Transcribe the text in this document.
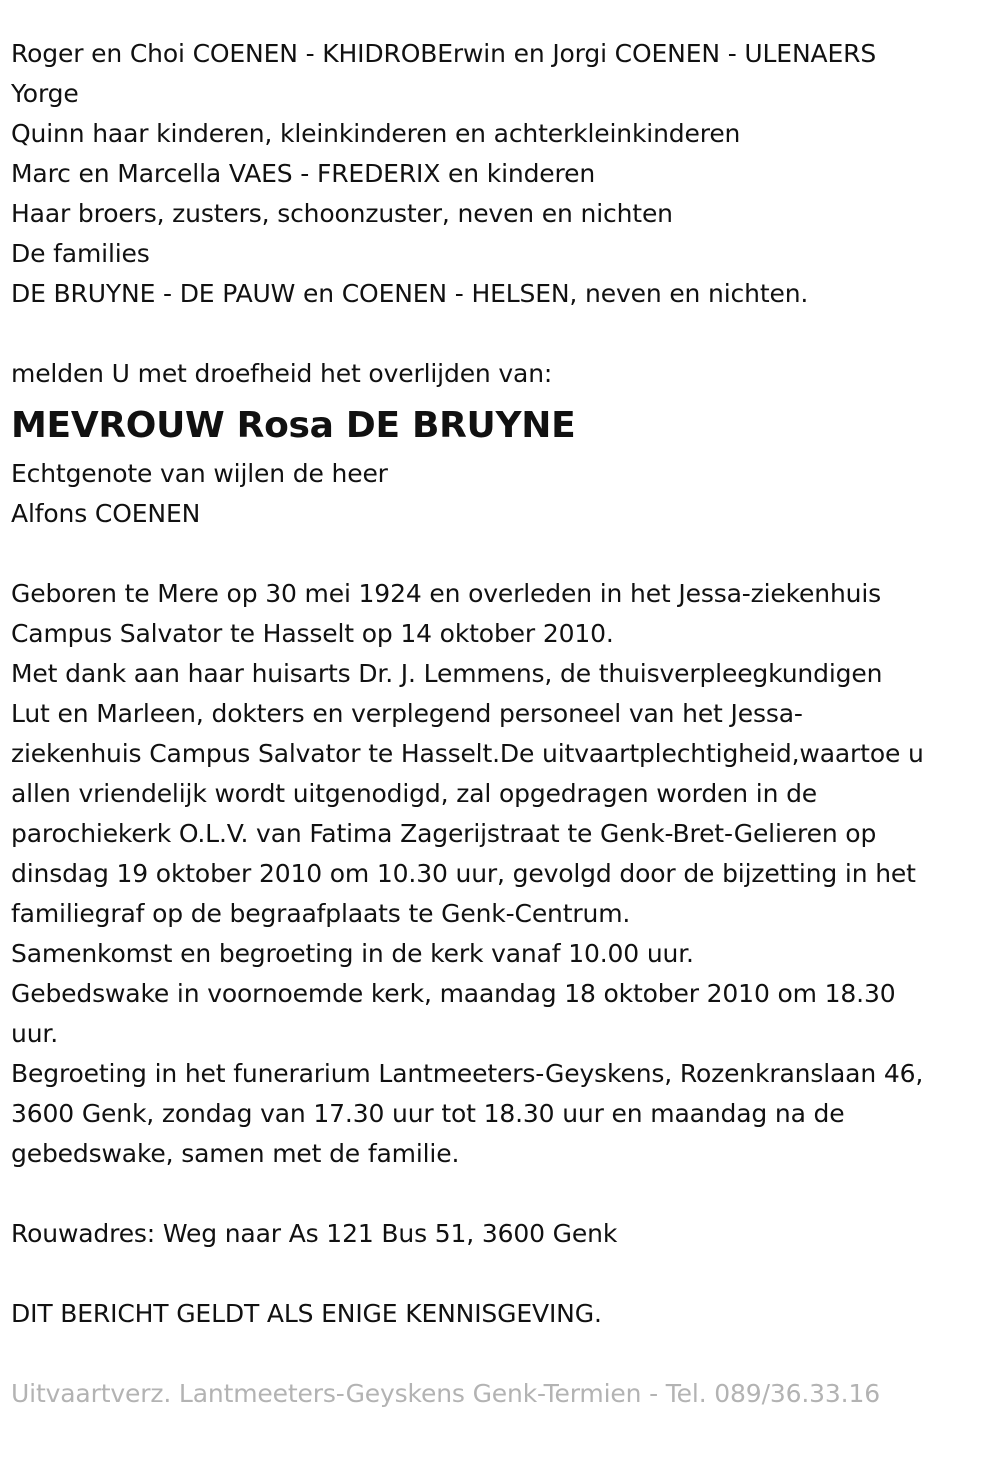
Roger en Choi COENEN - KHIDROBErwin en Jorgi COENEN - ULENAERS
Yorge
Quinn haar kinderen, kleinkinderen en achterkleinkinderen
Marc en Marcella VAES - FREDERIX en kinderen
Haar broers, zusters, schoonzuster, neven en nichten
De families
DE BRUYNE - DE PAUW en COENEN - HELSEN, neven en nichten.
melden U met droefheid het overlijden van:
MEVROUW Rosa DE BRUYNE
Echtgenote van wijlen de heer
Alfons COENEN
Geboren te Mere op 30 mei 1924 en overleden in het Jessa-ziekenhuis
Campus Salvator te Hasselt op 14 oktober 2010.
Met dank aan haar huisarts Dr. J. Lemmens, de thuisverpleegkundigen
Lut en Marleen, dokters en verplegend personeel van het Jessa-
ziekenhuis Campus Salvator te Hasselt.De uitvaartplechtigheid,waartoe u
allen vriendelijk wordt uitgenodigd, zal opgedragen worden in de
parochiekerk O.L.V. van Fatima Zagerijstraat te Genk-Bret-Gelieren op
dinsdag 19 oktober 2010 om 10.30 uur, gevolgd door de bijzetting in het
familiegraf op de begraafplaats te Genk-Centrum.
Samenkomst en begroeting in de kerk vanaf 10.00 uur.
Gebedswake in voornoemde kerk, maandag 18 oktober 2010 om 18.30
uur.
Begroeting in het funerarium Lantmeeters-Geyskens, Rozenkranslaan 46,
3600 Genk, zondag van 17.30 uur tot 18.30 uur en maandag na de
gebedswake, samen met de familie.
Rouwadres: Weg naar As 121 Bus 51, 3600 Genk
DIT BERICHT GELDT ALS ENIGE KENNISGEVING.
Uitvaartverz. Lantmeeters-Geyskens Genk-Termien - Tel. 089/36.33.16
